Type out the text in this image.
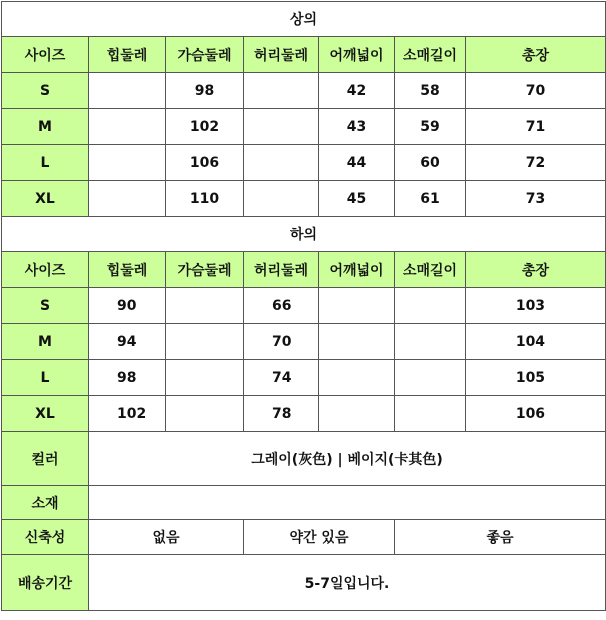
상의						
사이즈	힙둘레	가슴둘레	허리둘레	어깨넓이	소매길이	총장
S		98		42	58	70
M		102		43	59	71
L		106		44	60	72
XL		110		45	61	73
하의						
사이즈	힙둘레	가슴둘레	허리둘레	어깨넓이	소매길이	총장
S	90		66			103
M	94		70			104
L	98		74			105
XL	102		78			106
컬러	그레이(灰色) | 베이지(卡其色)					
소재						
신축성	없음		약간 있음		좋음	
배송기간	5-7일입니다.					
